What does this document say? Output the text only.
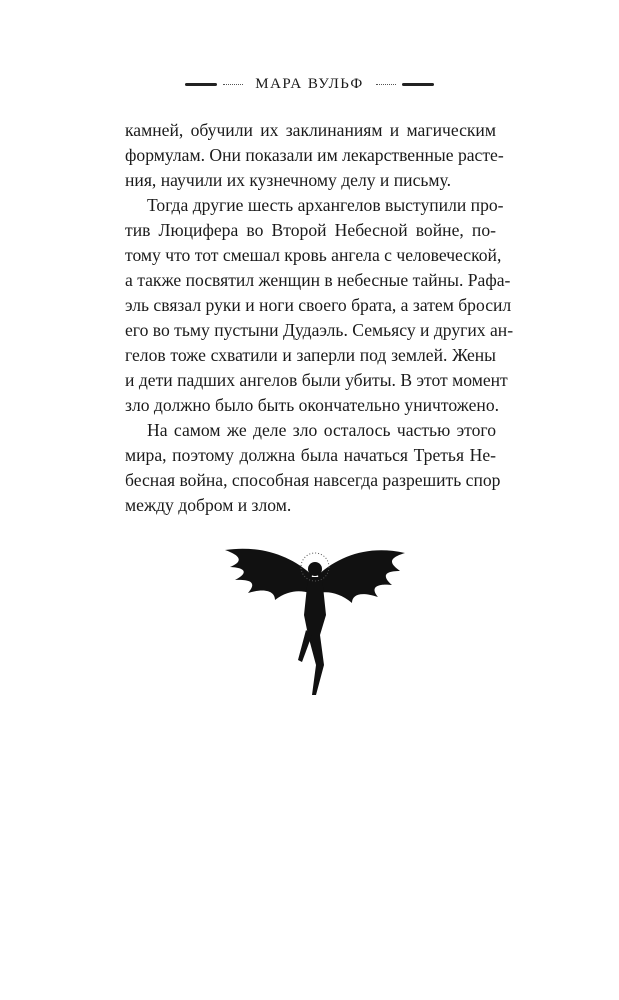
МАРА ВУЛЬФ
камней, обучили их заклинаниям и магическим
формулам. Они показали им лекарственные расте-
ния, научили их кузнечному делу и письму.
Тогда другие шесть архангелов выступили про-
тив Люцифера во Второй Небесной войне, по-
тому что тот смешал кровь ангела с человеческой,
а также посвятил женщин в небесные тайны. Рафа-
эль связал руки и ноги своего брата, а затем бросил
его во тьму пустыни Дудаэль. Семьясу и других ан-
гелов тоже схватили и заперли под землей. Жены
и дети падших ангелов были убиты. В этот момент
зло должно было быть окончательно уничтожено.
На самом же деле зло осталось частью этого
мира, поэтому должна была начаться Третья Не-
бесная война, способная навсегда разрешить спор
между добром и злом.
